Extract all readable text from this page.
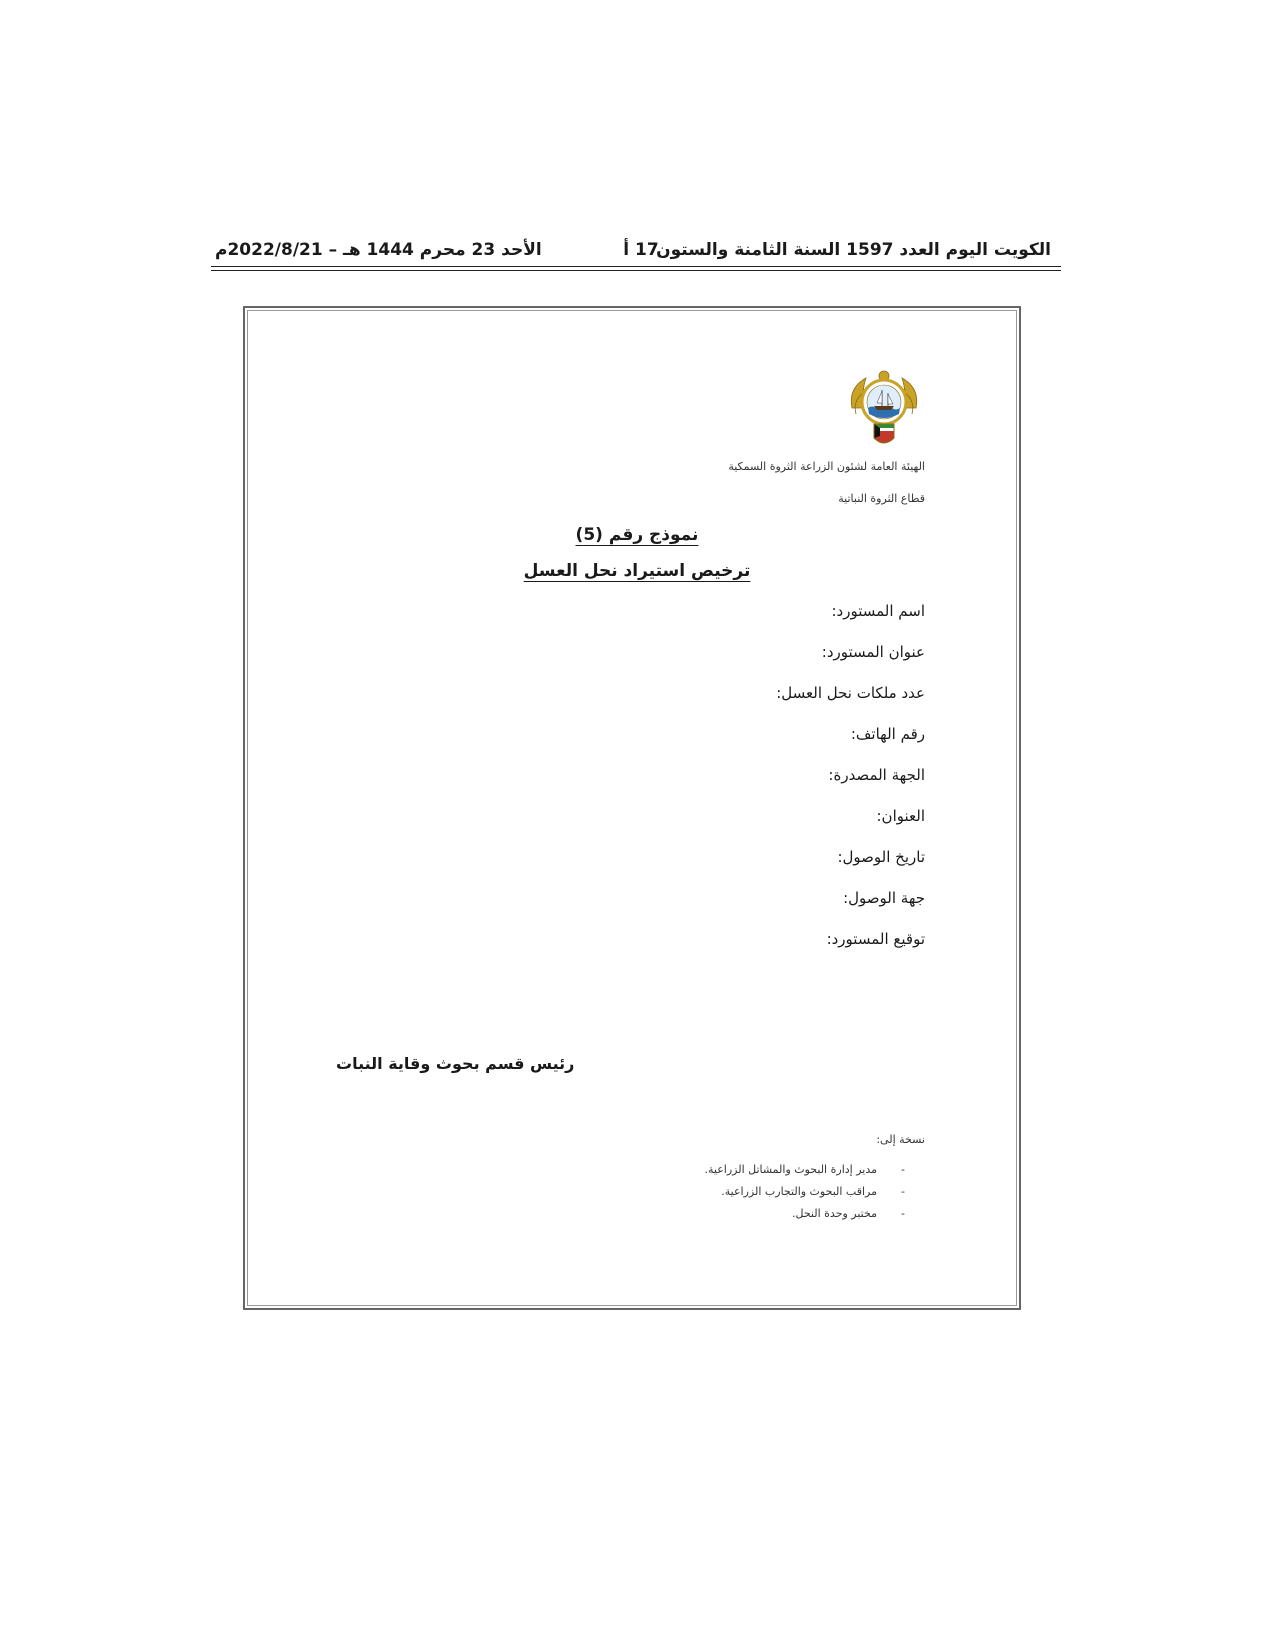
الكويت اليوم العدد 1597 السنة الثامنة والستون
17 أ
الأحد 23 محرم 1444 هـ – 2022/8/21م
الهيئة العامة لشئون الزراعة الثروة السمكية
قطاع الثروة النباتية
نموذج رقم (5)
ترخيص استيراد نحل العسل
اسم المستورد:
عنوان المستورد:
عدد ملكات نحل العسل:
رقم الهاتف:
الجهة المصدرة:
العنوان:
تاريخ الوصول:
جهة الوصول:
توقيع المستورد:
رئيس قسم بحوث وقاية النبات
نسخة إلى:
-مدير إدارة البحوث والمشاتل الزراعية.
-مراقب البحوث والتجارب الزراعية.
-مختبر وحدة النحل.
